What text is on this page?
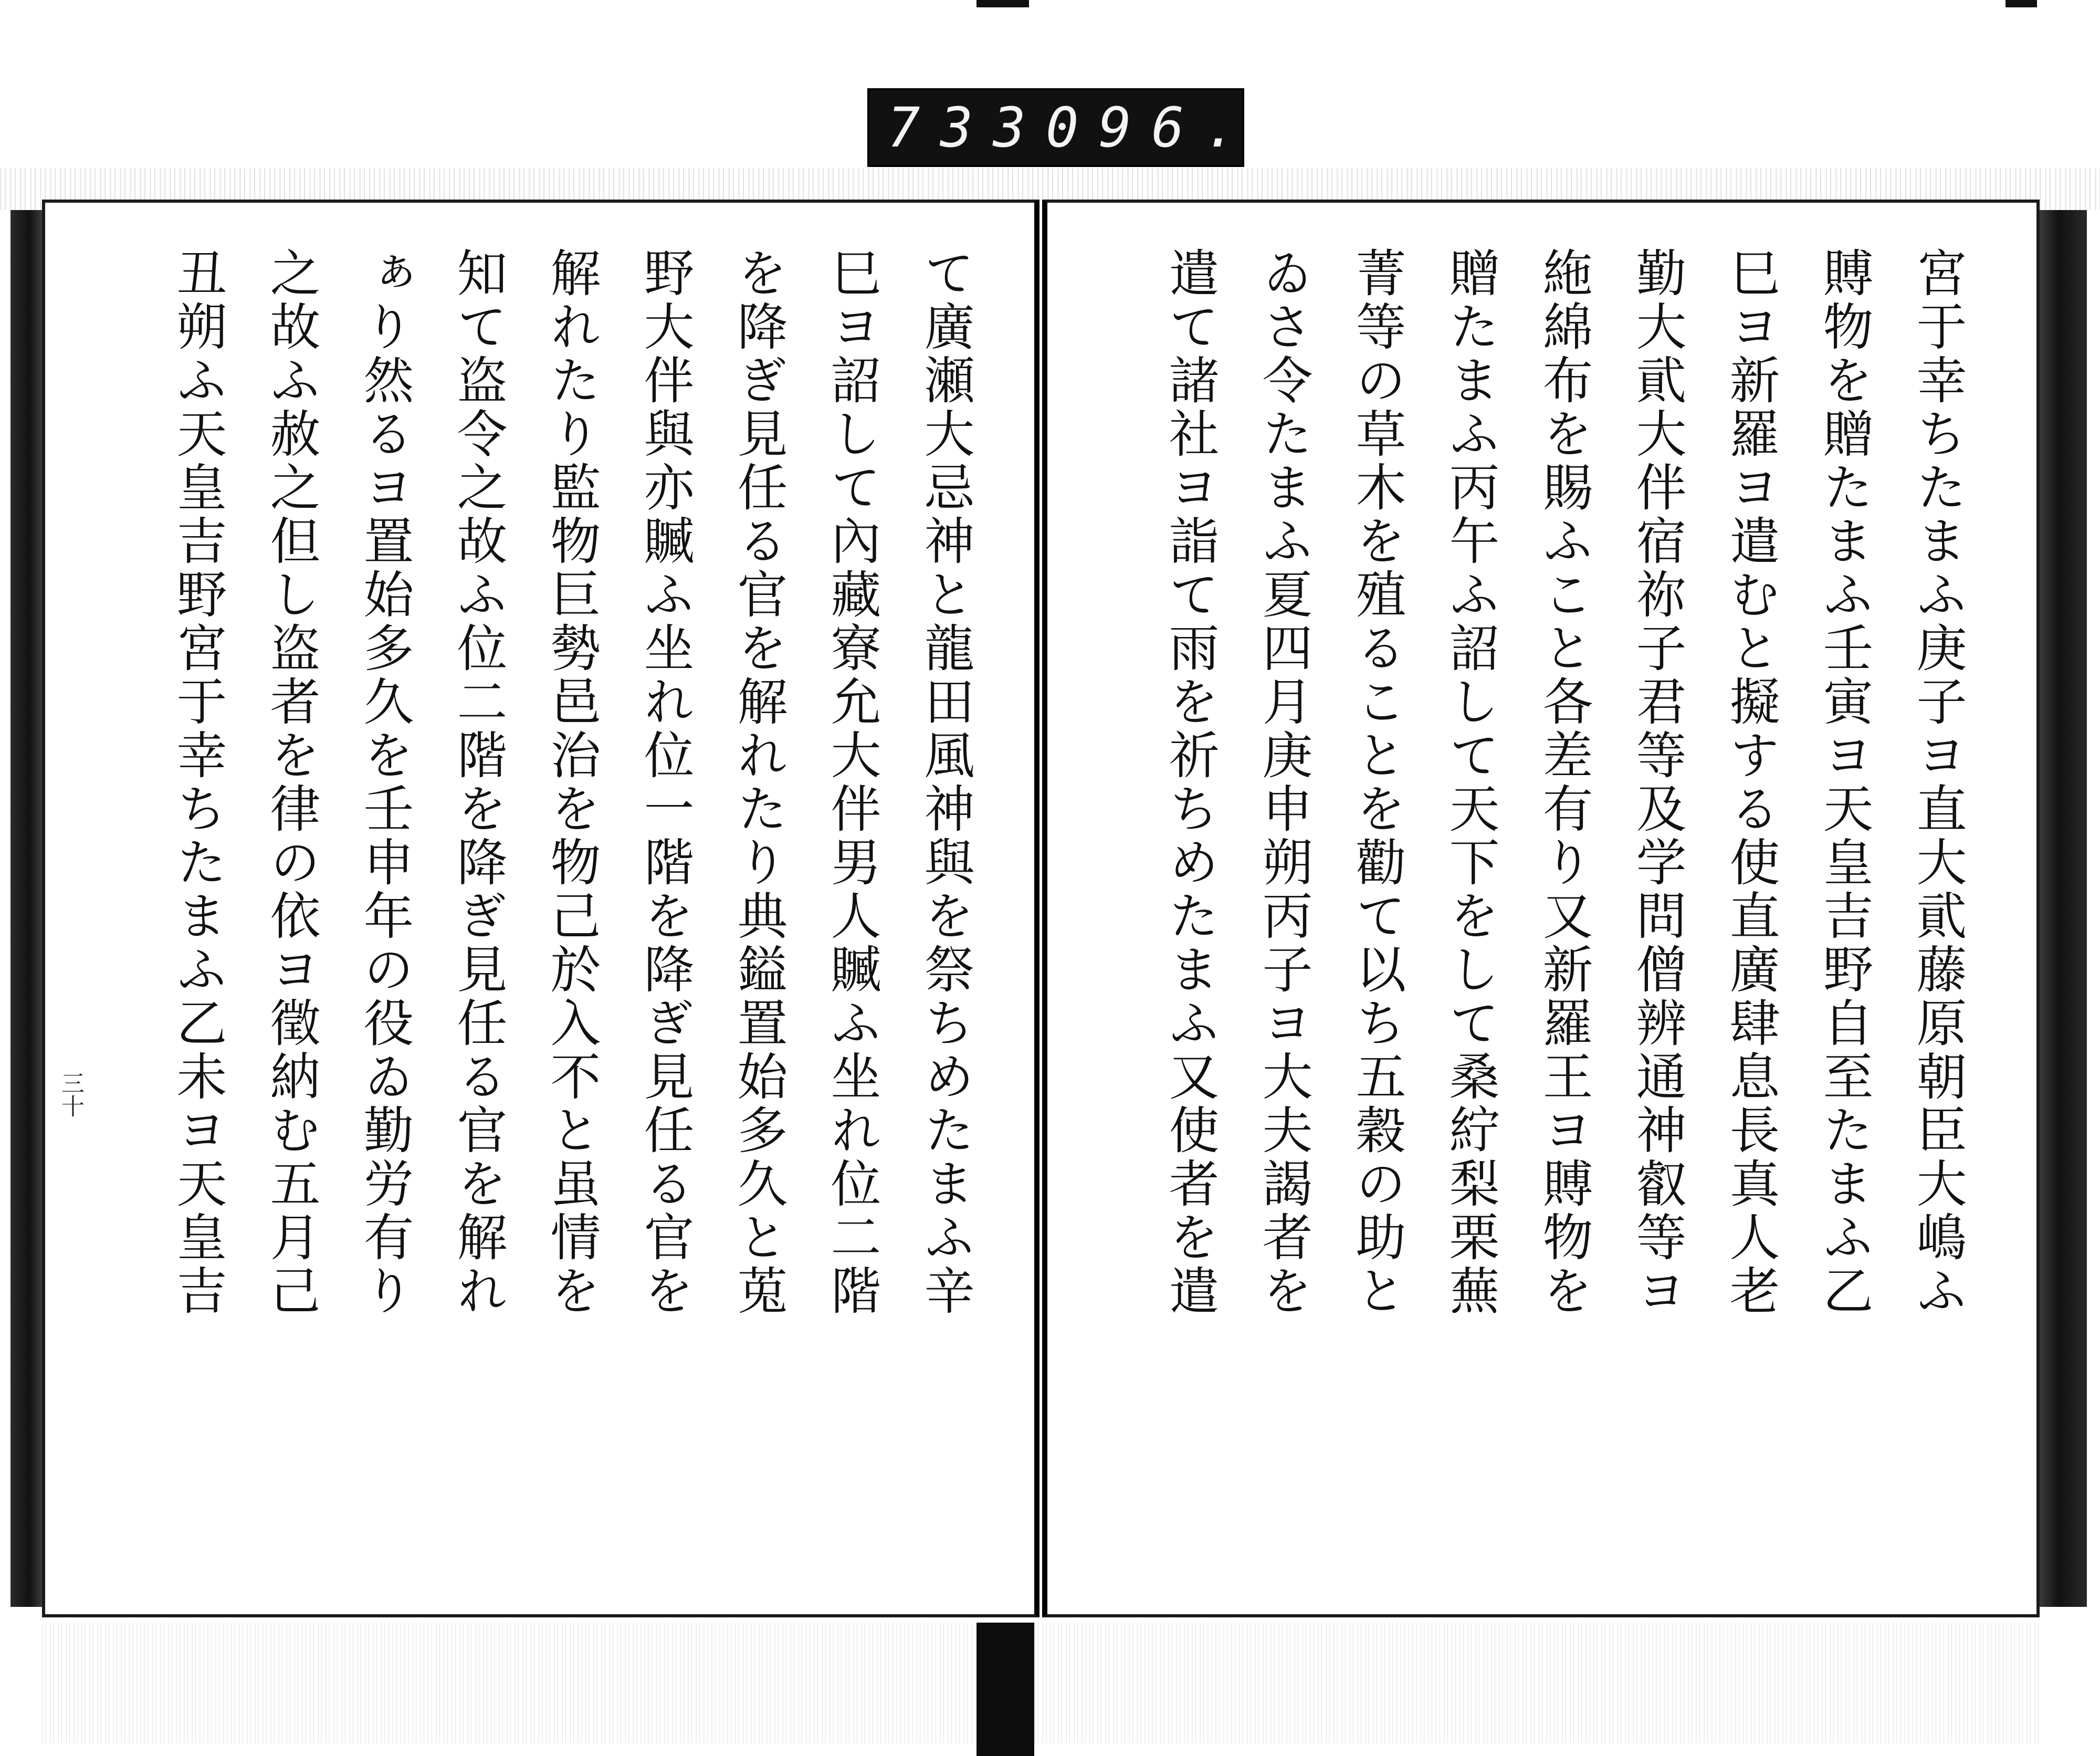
733 096.
て廣瀬大忌神と龍田風神與を祭ちめたまふ辛
巳ヨ詔して內藏寮允大伴男人贓ふ坐れ位二階
を降ぎ見任る官を解れたり典鎰置始多久と莵
野大伴與亦贓ふ坐れ位一階を降ぎ見任る官を
解れたり監物巨勢邑治を物己於入不と虽情を
知て盗令之故ふ位二階を降ぎ見任る官を解れ
ぁり然るヨ置始多久を壬申年の役ゐ勤労有り
之故ふ赦之但し盗者を律の依ヨ徵納む五月己
丑朔ふ天皇吉野宮于幸ちたまふ乙未ヨ天皇吉
三十	宮于幸ちたまふ庚子ヨ直大貮藤原朝臣大嶋ふ
賻物を贈たまふ壬寅ヨ天皇吉野自至たまふ乙
巳ヨ新羅ヨ遣むと擬する使直廣肆息長真人老
勤大貮大伴宿祢子君等及学問僧辨通神叡等ヨ
絁綿布を賜ふこと各差有り又新羅王ヨ賻物を
贈たまふ丙午ふ詔して天下をして桑紵梨栗蕪
菁等の草木を殖ることを勸て以ち五穀の助と
ゐさ令たまふ夏四月庚申朔丙子ヨ大夫謁者を
遣て諸社ヨ詣て雨を祈ちめたまふ又使者を遣
